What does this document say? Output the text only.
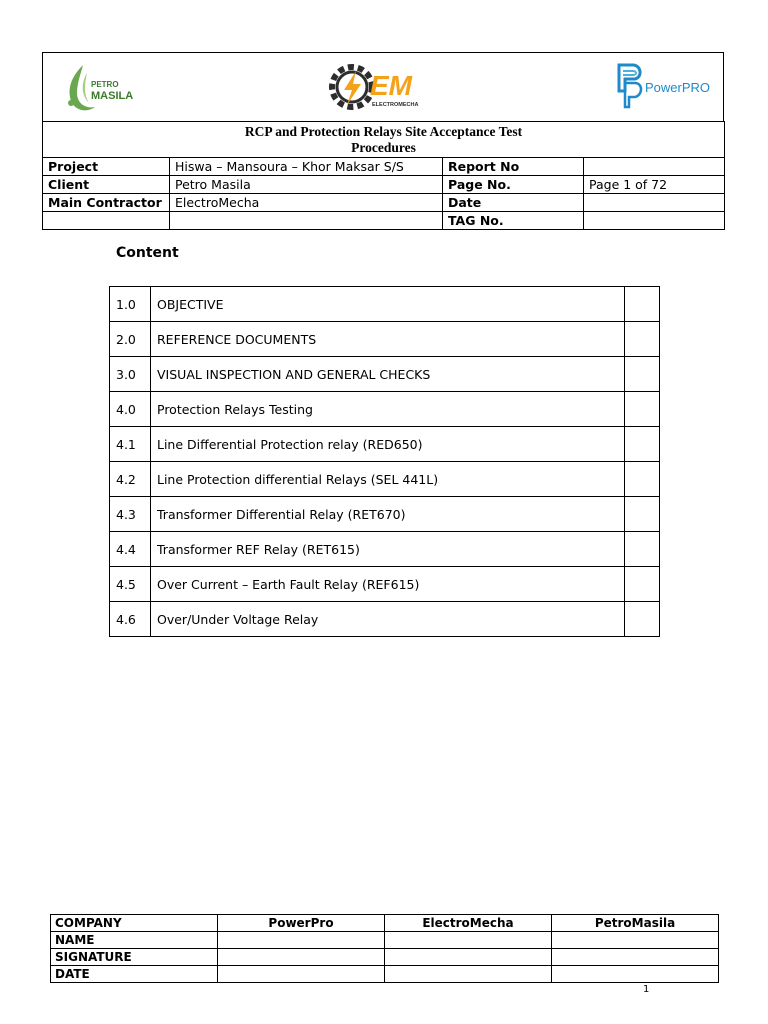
PETRO
MASILA	EM
ELECTROMECHA
PowerPRO
RCP and Protection Relays Site Acceptance Test
Procedures			
Project	Hiswa – Mansoura – Khor Maksar S/S	Report No	
Client	Petro Masila	Page No.	Page 1 of 72
Main Contractor	ElectroMecha	Date	
		TAG No.	
Content
1.0	OBJECTIVE	
2.0	REFERENCE DOCUMENTS	
3.0	VISUAL INSPECTION AND GENERAL CHECKS	
4.0	Protection Relays Testing	
4.1	Line Differential Protection relay (RED650)	
4.2	Line Protection differential Relays (SEL 441L)	
4.3	Transformer Differential Relay (RET670)	
4.4	Transformer REF Relay (RET615)	
4.5	Over Current – Earth Fault Relay (REF615)	
4.6	Over/Under Voltage Relay	
COMPANY	PowerPro	ElectroMecha	PetroMasila
NAME			
SIGNATURE			
DATE			
1
